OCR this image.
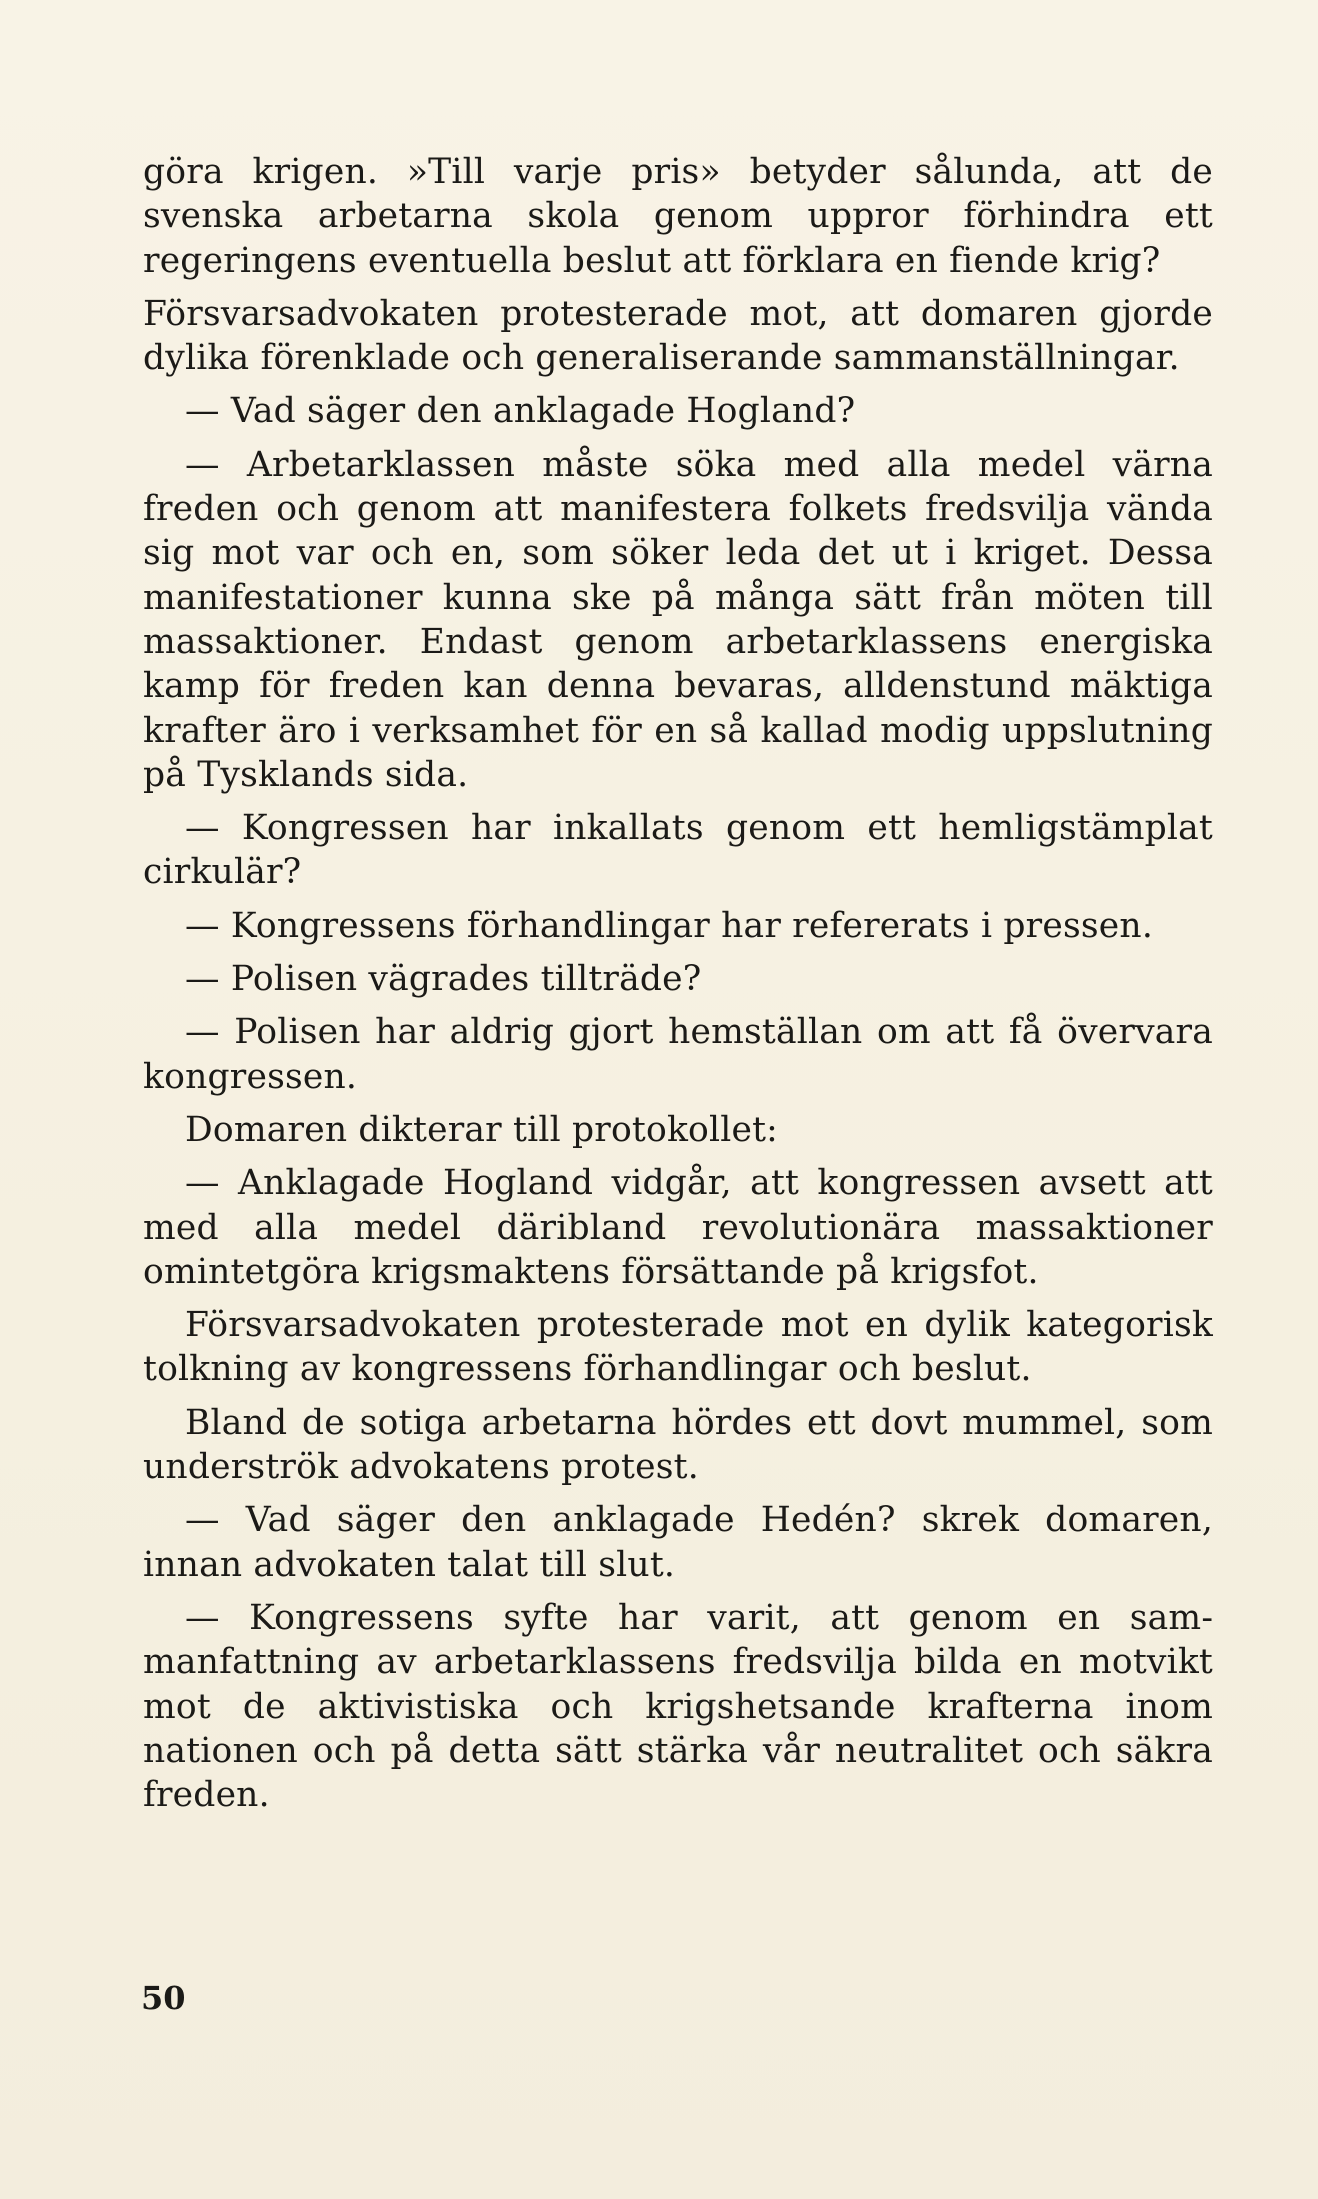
göra krigen. »Till varje pris» betyder sålunda, att de svenska arbetarna skola genom uppror förhindra ett regeringens eventuella beslut att förklara en fiende krig?

Försvarsadvokaten protesterade mot, att domaren gjorde dylika förenklade och generaliserande sammanställningar.

— Vad säger den anklagade Hogland?

— Arbetarklassen måste söka med alla medel värna freden och genom att manifestera folkets fredsvilja vända sig mot var och en, som söker leda det ut i kriget. Dessa manifestationer kunna ske på många sätt från möten till massaktioner. Endast genom arbetarklassens energiska kamp för freden kan denna bevaras, alldenstund mäktiga krafter äro i verksamhet för en så kallad modig uppslutning på Tysklands sida.

— Kongressen har inkallats genom ett hemligstämplat cirkulär?

— Kongressens förhandlingar har refererats i pressen.

— Polisen vägrades tillträde?

— Polisen har aldrig gjort hemställan om att få övervara kongressen.

Domaren dikterar till protokollet:

— Anklagade Hogland vidgår, att kongressen avsett att med alla medel däribland revolutionära massaktioner omintetgöra krigsmaktens försättande på krigsfot.

Försvarsadvokaten protesterade mot en dylik kategorisk tolkning av kongressens förhandlingar och beslut.

Bland de sotiga arbetarna hördes ett dovt mummel, som underströk advokatens protest.

— Vad säger den anklagade Hedén? skrek domaren, innan advokaten talat till slut.

— Kongressens syfte har varit, att genom en sammanfattning av arbetarklassens fredsvilja bilda en motvikt mot de aktivistiska och krigshetsande krafterna inom nationen och på detta sätt stärka vår neutralitet och säkra freden.

50
